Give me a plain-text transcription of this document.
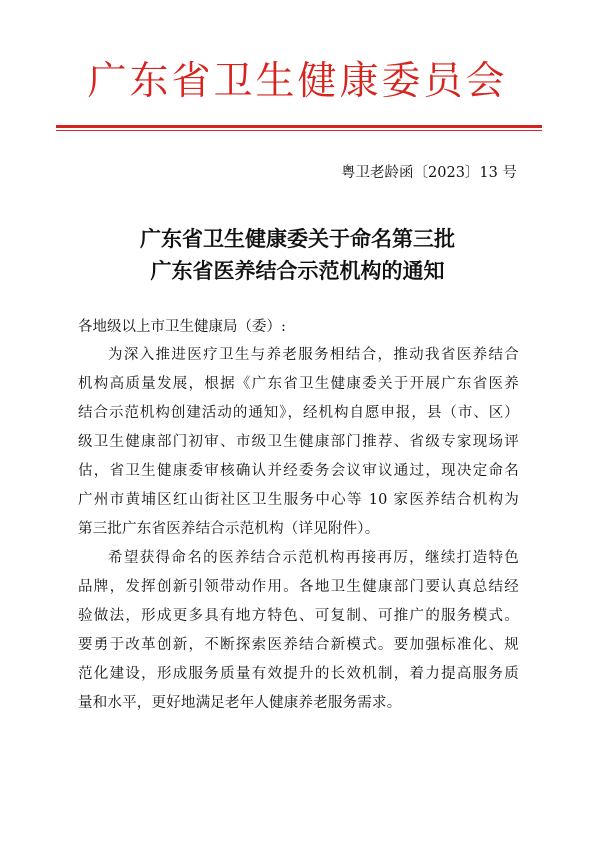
广东省卫生健康委员会
粤卫老龄函〔2023〕13 号
广东省卫生健康委关于命名第三批
广东省医养结合示范机构的通知
各地级以上市卫生健康局（委）:
为深入推进医疗卫生与养老服务相结合，推动我省医养结合
机构高质量发展，根据《广东省卫生健康委关于开展广东省医养
结合示范机构创建活动的通知》，经机构自愿申报，县（市、区）
级卫生健康部门初审、市级卫生健康部门推荐、省级专家现场评
估，省卫生健康委审核确认并经委务会议审议通过，现决定命名
广州市黄埔区红山街社区卫生服务中心等 10 家医养结合机构为
第三批广东省医养结合示范机构（详见附件）。
希望获得命名的医养结合示范机构再接再厉，继续打造特色
品牌，发挥创新引领带动作用。各地卫生健康部门要认真总结经
验做法，形成更多具有地方特色、可复制、可推广的服务模式。
要勇于改革创新，不断探索医养结合新模式。要加强标准化、规
范化建设，形成服务质量有效提升的长效机制，着力提高服务质
量和水平，更好地满足老年人健康养老服务需求。
